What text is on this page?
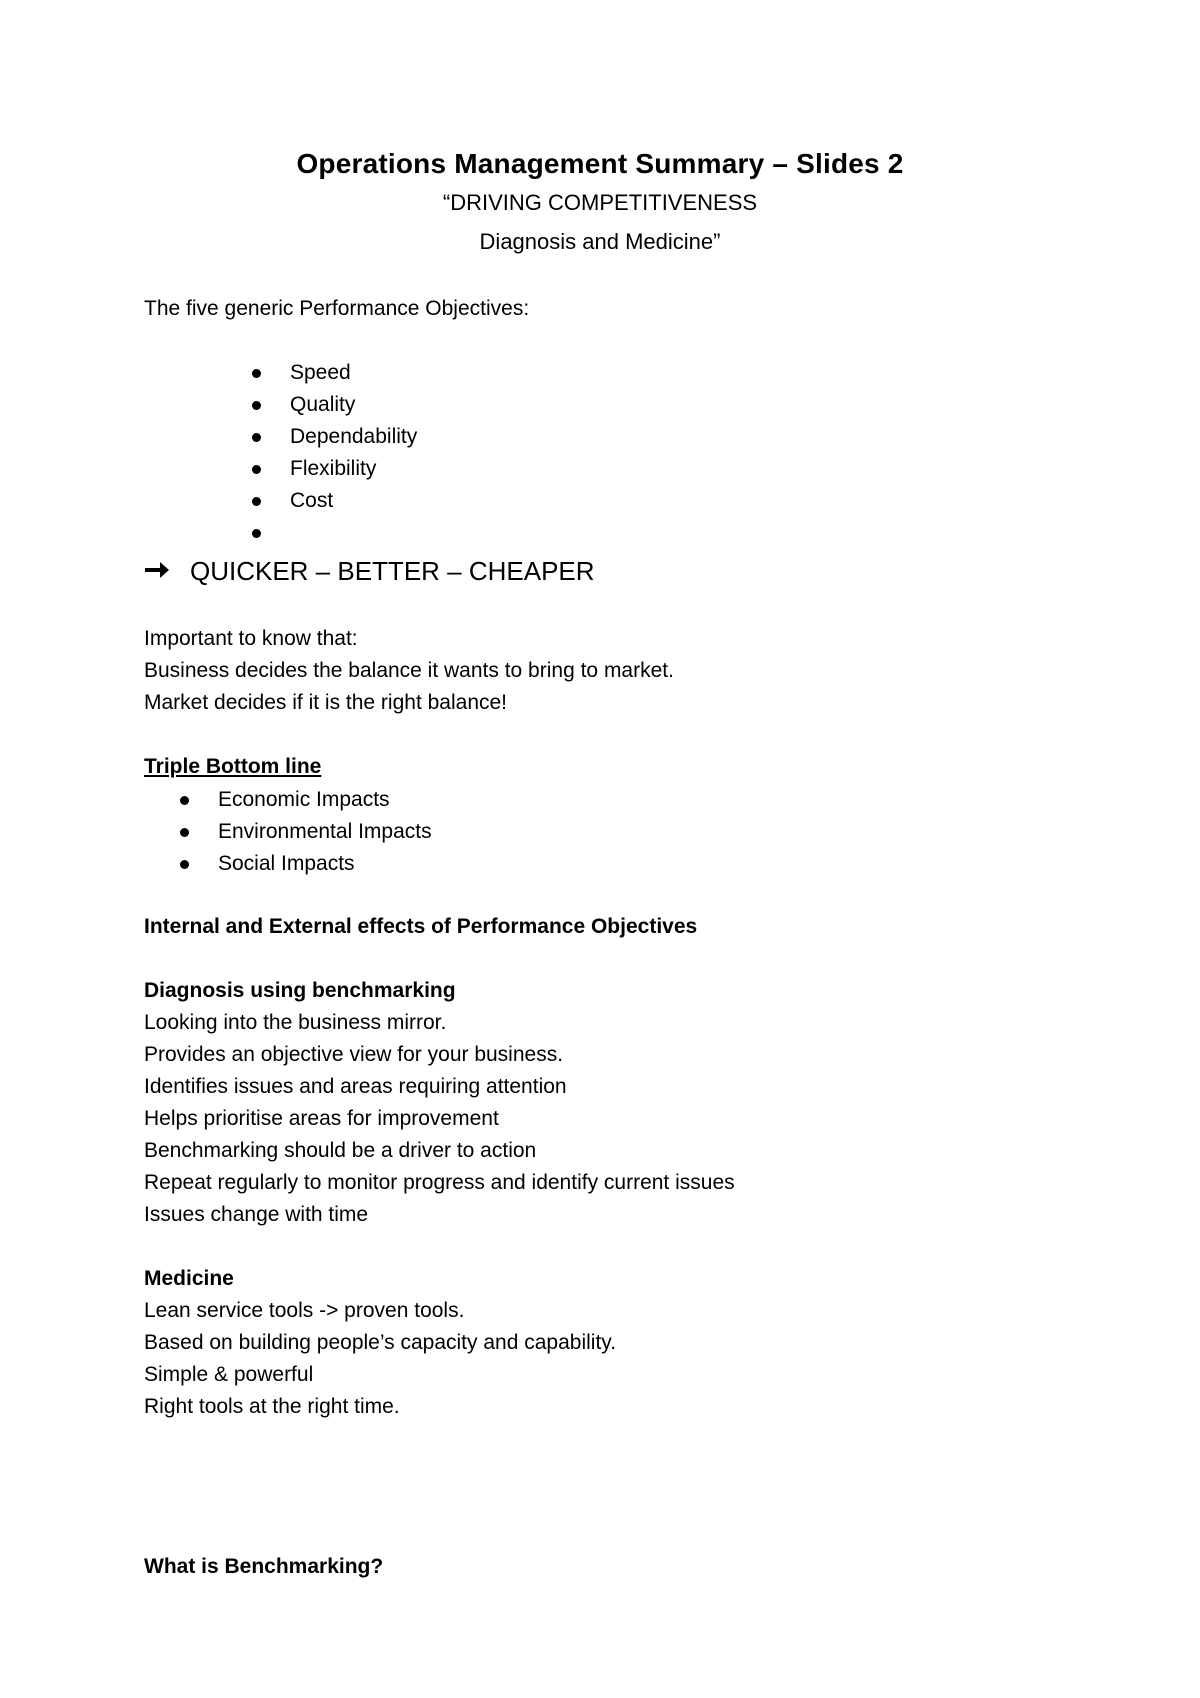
Operations Management Summary – Slides 2
“DRIVING COMPETITIVENESS
Diagnosis and Medicine”
The five generic Performance Objectives:
Speed
Quality
Dependability
Flexibility
Cost
QUICKER – BETTER – CHEAPER
Important to know that:
Business decides the balance it wants to bring to market.
Market decides if it is the right balance!
Triple Bottom line
Economic Impacts
Environmental Impacts
Social Impacts
Internal and External effects of Performance Objectives
Diagnosis using benchmarking
Looking into the business mirror.
Provides an objective view for your business.
Identifies issues and areas requiring attention
Helps prioritise areas for improvement
Benchmarking should be a driver to action
Repeat regularly to monitor progress and identify current issues
Issues change with time
Medicine
Lean service tools -> proven tools.
Based on building people’s capacity and capability.
Simple & powerful
Right tools at the right time.
What is Benchmarking?
